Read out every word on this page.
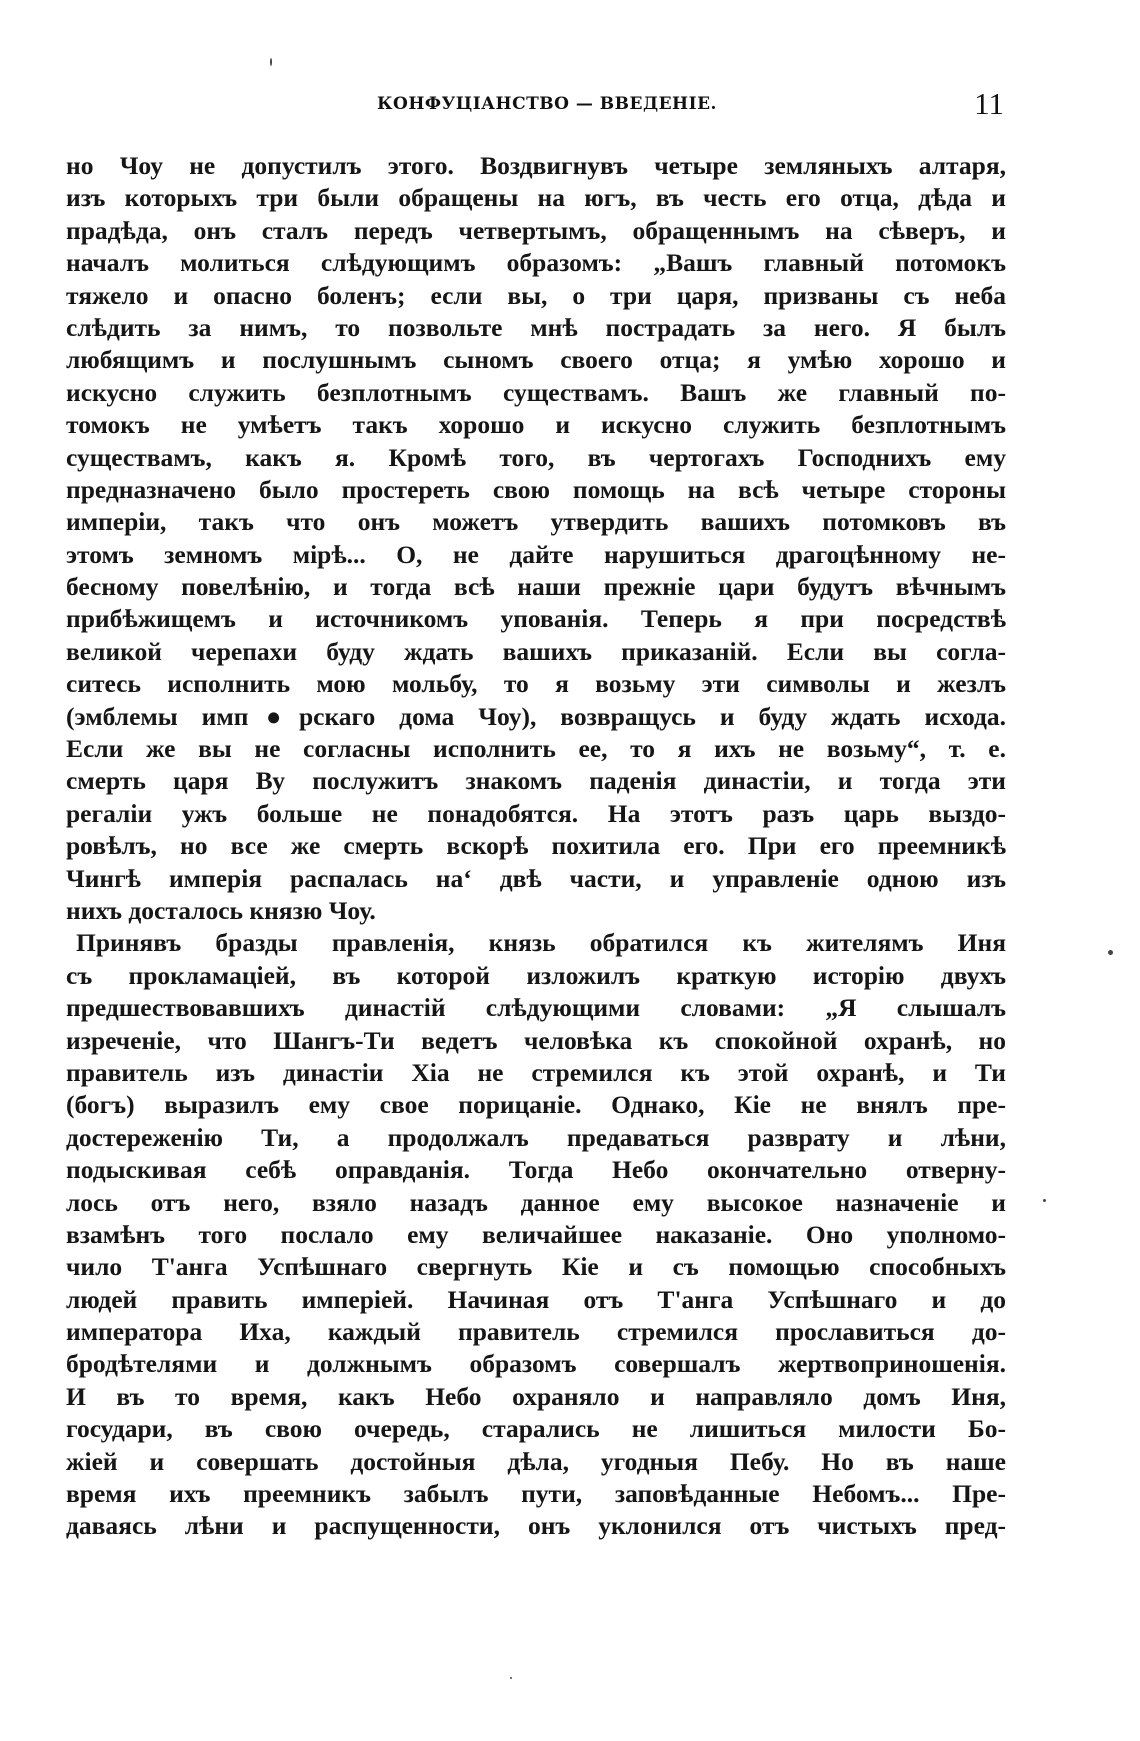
КОНФУЦІАНСТВО — ВВЕДЕНІЕ.	11
но Чоу не допустилъ этого. Воздвигнувъ четыре земляныхъ алтаря,
изъ которыхъ три были обращены на югъ, въ честь его отца, дѣда и
прадѣда, онъ сталъ передъ четвертымъ, обращеннымъ на сѣверъ, и
началъ молиться слѣдующимъ образомъ: „Вашъ главный потомокъ
тяжело и опасно боленъ; если вы, о три царя, призваны съ неба
слѣдить за нимъ, то позвольте мнѣ пострадать за него. Я былъ
любящимъ и послушнымъ сыномъ своего отца; я умѣю хорошо и
искусно служить безплотнымъ существамъ. Вашъ же главный по-
томокъ не умѣетъ такъ хорошо и искусно служить безплотнымъ
существамъ, какъ я. Кромѣ того, въ чертогахъ Господнихъ ему
предназначено было простереть свою помощь на всѣ четыре стороны
имперіи, такъ что онъ можетъ утвердить вашихъ потомковъ въ
этомъ земномъ мірѣ... О, не дайте нарушиться драгоцѣнному не-
бесному повелѣнію, и тогда всѣ наши прежніе цари будутъ вѣчнымъ
прибѣжищемъ и источникомъ упованія. Теперь я при посредствѣ
великой черепахи буду ждать вашихъ приказаній. Если вы согла-
ситесь исполнить мою мольбу, то я возьму эти символы и жезлъ
(эмблемы имп●рскаго дома Чоу), возвращусь и буду ждать исхода.
Если же вы не согласны исполнить ее, то я ихъ не возьму“, т. е.
смерть царя Ву послужитъ знакомъ паденія династіи, и тогда эти
регаліи ужъ больше не понадобятся. На этотъ разъ царь выздо-
ровѣлъ, но все же смерть вскорѣ похитила его. При его преемникѣ
Чингѣ имперія распалась на‘ двѣ части, и управленіе одною изъ
нихъ досталось князю Чоу.
Принявъ бразды правленія, князь обратился къ жителямъ Иня
съ прокламаціей, въ которой изложилъ краткую исторію двухъ
предшествовавшихъ династій слѣдующими словами: „Я слышалъ
изреченіе, что Шангъ-Ти ведетъ человѣка къ спокойной охранѣ, но
правитель изъ династіи Хіа не стремился къ этой охранѣ, и Ти
(богъ) выразилъ ему свое порицаніе. Однако, Кіе не внялъ пре-
достереженію Ти, а продолжалъ предаваться разврату и лѣни,
подыскивая себѣ оправданія. Тогда Небо окончательно отверну-
лось отъ него, взяло назадъ данное ему высокое назначеніе и
взамѣнъ того послало ему величайшее наказаніе. Оно уполномо-
чило Т'анга Успѣшнаго свергнуть Кіе и съ помощью способныхъ
людей править имперіей. Начиная отъ Т'анга Успѣшнаго и до
императора Иха, каждый правитель стремился прославиться до-
бродѣтелями и должнымъ образомъ совершалъ жертвоприношенія.
И въ то время, какъ Небо охраняло и направляло домъ Иня,
государи, въ свою очередь, старались не лишиться милости Бо-
жіей и совершать достойныя дѣла, угодныя Пебу. Но въ наше
время ихъ преемникъ забылъ пути, заповѣданные Небомъ... Пре-
даваясь лѣни и распущенности, онъ уклонился отъ чистыхъ пред-
